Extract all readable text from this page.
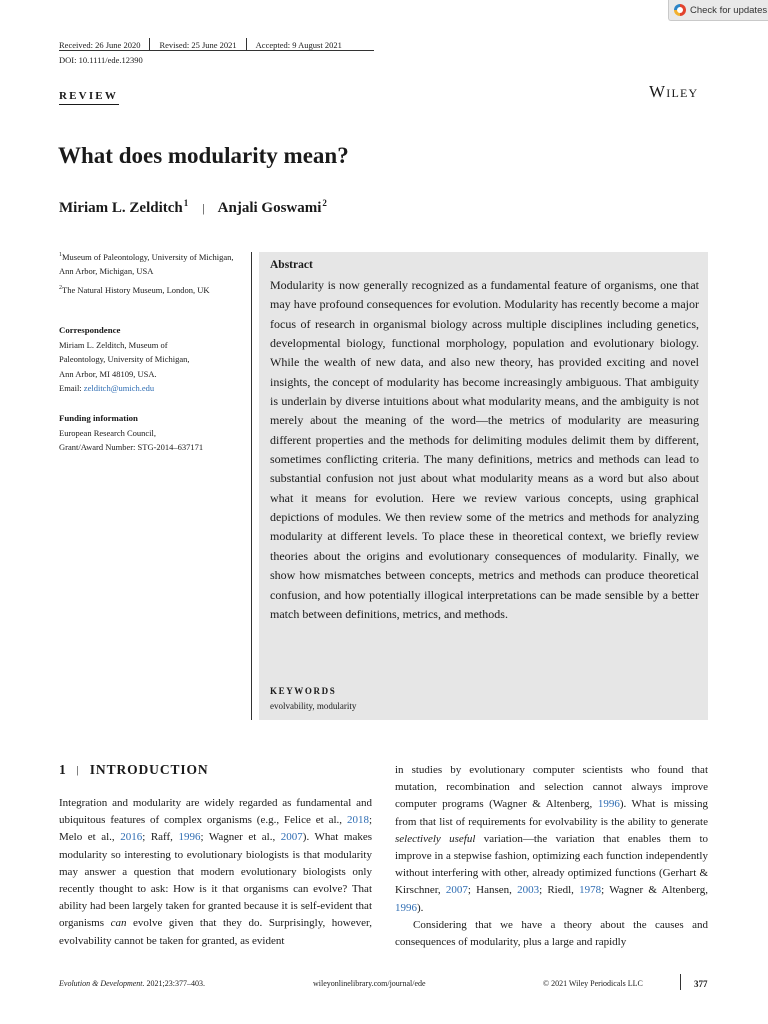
Check for updates
Received: 26 June 2020	Revised: 25 June 2021	Accepted: 9 August 2021
DOI: 10.1111/ede.12390
REVIEW	Wiley
What does modularity mean?
Miriam L. Zelditch$^1$ | Anjali Goswami$^2$
$^1$Museum of Paleontology, University of Michigan, Ann Arbor, Michigan, USA
$^2$The Natural History Museum, London, UK
Correspondence
Miriam L. Zelditch, Museum of
Paleontology, University of Michigan,
Ann Arbor, MI 48109, USA.
Email: zelditch@umich.edu
Funding information
European Research Council,
Grant/Award Number: STG-2014–637171
Abstract

Modularity is now generally recognized as a fundamental feature of organisms, one that may have profound consequences for evolution. Modularity has recently become a major focus of research in organismal biology across multiple disciplines including genetics, developmental biology, functional morphology, population and evolutionary biology. While the wealth of new data, and also new theory, has provided exciting and novel insights, the concept of modularity has become increasingly ambiguous. That ambiguity is underlain by diverse intuitions about what modularity means, and the ambiguity is not merely about the meaning of the word—the metrics of modularity are measuring different properties and the methods for delimiting modules delimit them by different, sometimes conflicting criteria. The many definitions, metrics and methods can lead to substantial confusion not just about what modularity means as a word but also about what it means for evolution. Here we review various concepts, using graphical depictions of modules. We then review some of the metrics and methods for analyzing modularity at different levels. To place these in theoretical context, we briefly review theories about the origins and evolutionary consequences of modularity. Finally, we show how mismatches between concepts, metrics and methods can produce theoretical confusion, and how potentially illogical interpretations can be made sensible by a better match between definitions, metrics, and methods.

KEYWORDS
evolvability, modularity
1 | INTRODUCTION

Integration and modularity are widely regarded as fundamental and ubiquitous features of complex organisms (e.g., Felice et al., 2018; Melo et al., 2016; Raff, 1996; Wagner et al., 2007). What makes modularity so interesting to evolutionary biologists is that modularity may answer a question that modern evolutionary biologists only recently thought to ask: How is it that organisms can evolve? That ability had been largely taken for granted because it is self-evident that organisms can evolve given that they do. Surprisingly, however, evolvability cannot be taken for granted, as evident

in studies by evolutionary computer scientists who found that mutation, recombination and selection cannot always improve computer programs (Wagner & Altenberg, 1996). What is missing from that list of requirements for evolvability is the ability to generate selectively useful variation—the variation that enables them to improve in a stepwise fashion, optimizing each function independently without interfering with other, already optimized functions (Gerhart & Kirschner, 2007; Hansen, 2003; Riedl, 1978; Wagner & Altenberg, 1996).

Considering that we have a theory about the causes and consequences of modularity, plus a large and rapidly

Evolution & Development. 2021;23:377–403.	wileyonlinelibrary.com/journal/ede	© 2021 Wiley Periodicals LLC	377
